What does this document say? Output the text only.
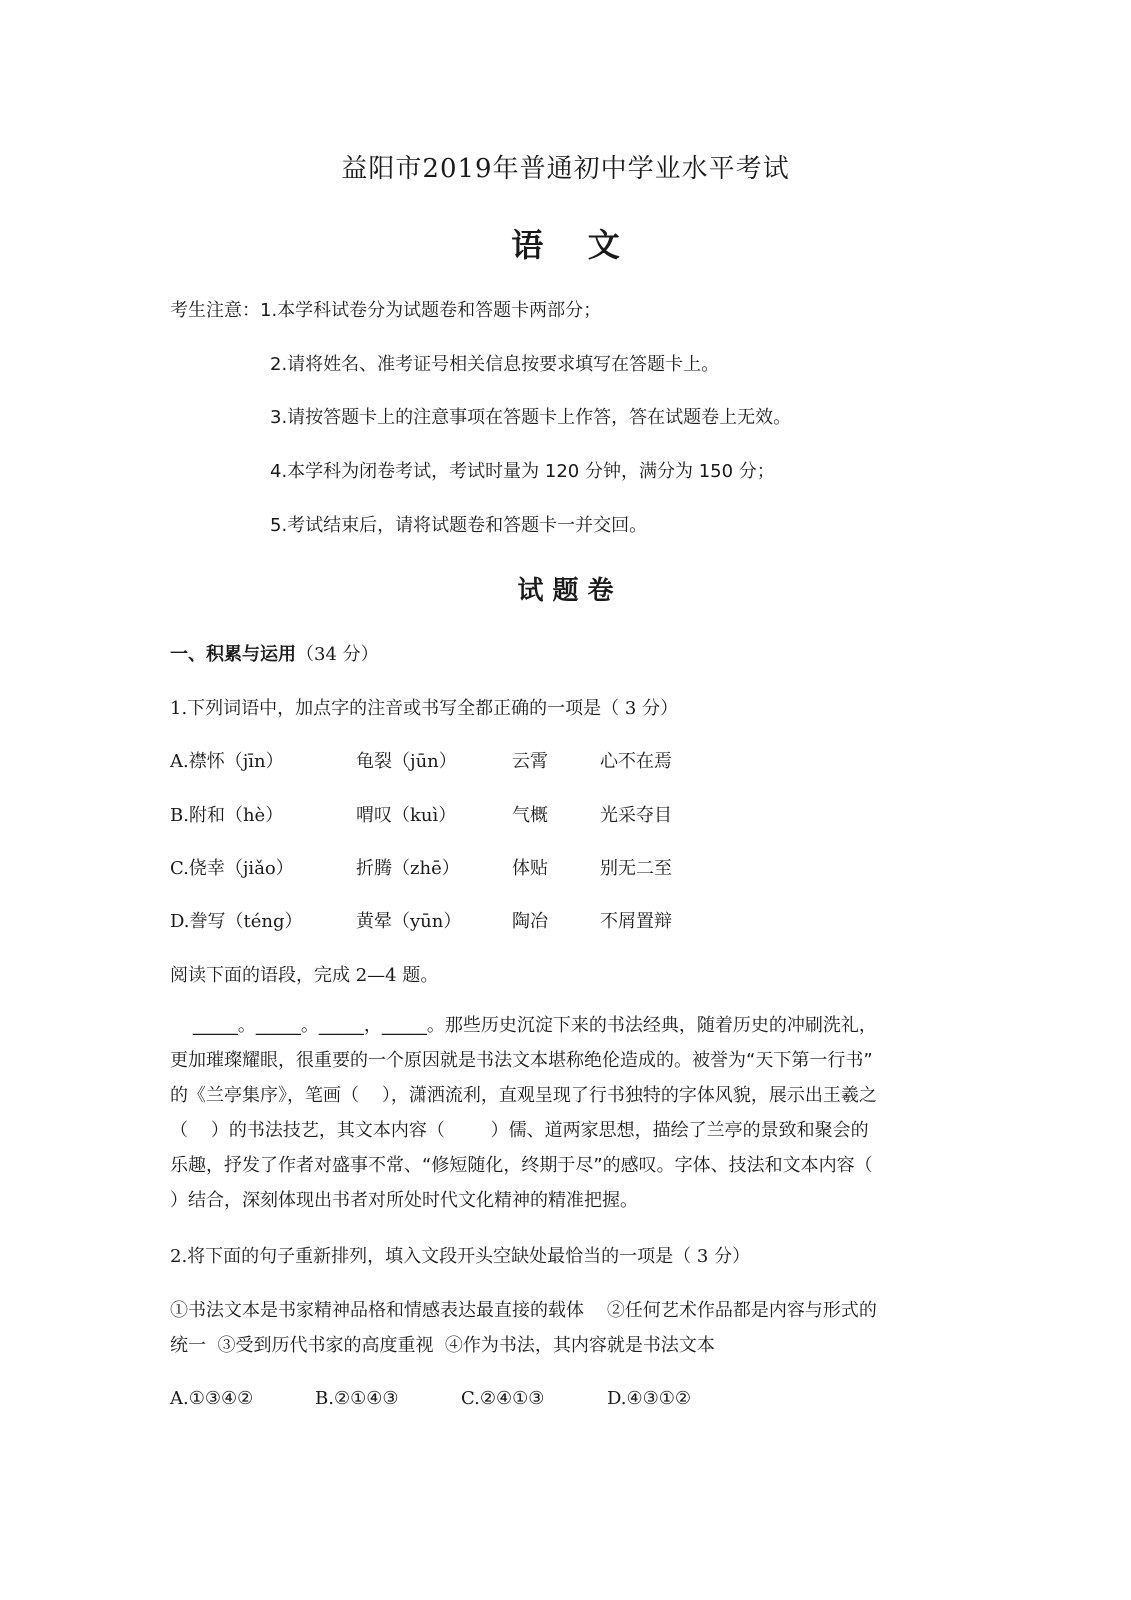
益阳市2019年普通初中学业水平考试
语    文
考生注意：1.本学科试卷分为试题卷和答题卡两部分；
2.请将姓名、准考证号相关信息按要求填写在答题卡上。
3.请按答题卡上的注意事项在答题卡上作答，答在试题卷上无效。
4.本学科为闭卷考试，考试时量为 120 分钟，满分为 150 分；
5.考试结束后，请将试题卷和答题卡一并交回。
试 题 卷
一、积累与运用（34 分）
1.下列词语中，加点字的注音或书写全都正确的一项是（ 3 分）
A.襟怀（jīn）	龟裂（jūn）	云霄	心不在焉
B.附和（hè）	喟叹（kuì）	气概	光采夺目
C.侥幸（jiǎo）	折腾（zhē）	体贴	别无二至
D.誊写（téng）	黄晕（yūn）	陶冶	不屑置辩
阅读下面的语段，完成 2—4 题。
_____。_____。_____，_____。那些历史沉淀下来的书法经典，随着历史的冲刷洗礼，
更加璀璨耀眼，很重要的一个原因就是书法文本堪称绝伦造成的。被誉为“天下第一行书”
的《兰亭集序》，笔画（    ），潇洒流利，直观呈现了行书独特的字体风貌，展示出王羲之
（    ）的书法技艺，其文本内容（        ）儒、道两家思想，描绘了兰亭的景致和聚会的
乐趣，抒发了作者对盛事不常、“修短随化，终期于尽”的感叹。字体、技法和文本内容（
）结合，深刻体现出书者对所处时代文化精神的精准把握。
2.将下面的句子重新排列，填入文段开头空缺处最恰当的一项是（ 3 分）
①书法文本是书家精神品格和情感表达最直接的载体    ②任何艺术作品都是内容与形式的
统一  ③受到历代书家的高度重视  ④作为书法，其内容就是书法文本
A.①③④②	B.②①④③	C.②④①③	D.④③①②
